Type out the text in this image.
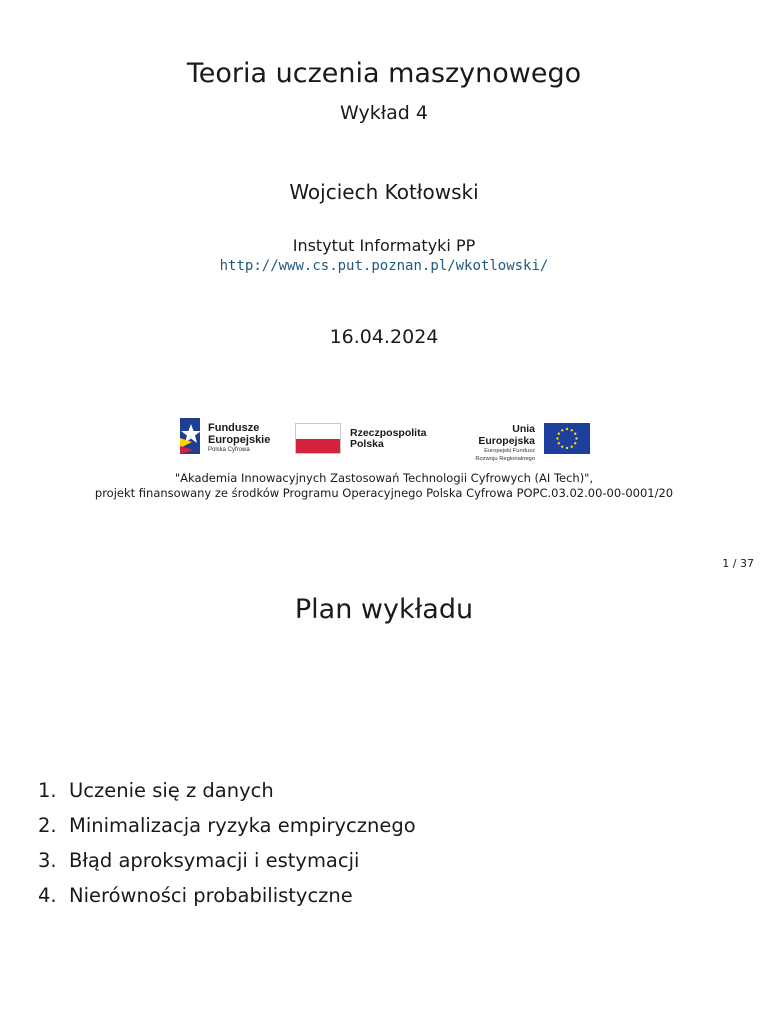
Teoria uczenia maszynowego
Wykład 4
Wojciech Kotłowski
Instytut Informatyki PP
http://www.cs.put.poznan.pl/wkotlowski/
16.04.2024
Fundusze
Europejskie
Polska Cyfrowa
Rzeczpospolita
Polska
Unia Europejska
Europejski Fundusz
Rozwoju Regionalnego
"Akademia Innowacyjnych Zastosowań Technologii Cyfrowych (AI Tech)",
projekt finansowany ze środków Programu Operacyjnego Polska Cyfrowa POPC.03.02.00-00-0001/20
1 / 37
Plan wykładu
1. Uczenie się z danych
2. Minimalizacja ryzyka empirycznego
3. Błąd aproksymacji i estymacji
4. Nierówności probabilistyczne
